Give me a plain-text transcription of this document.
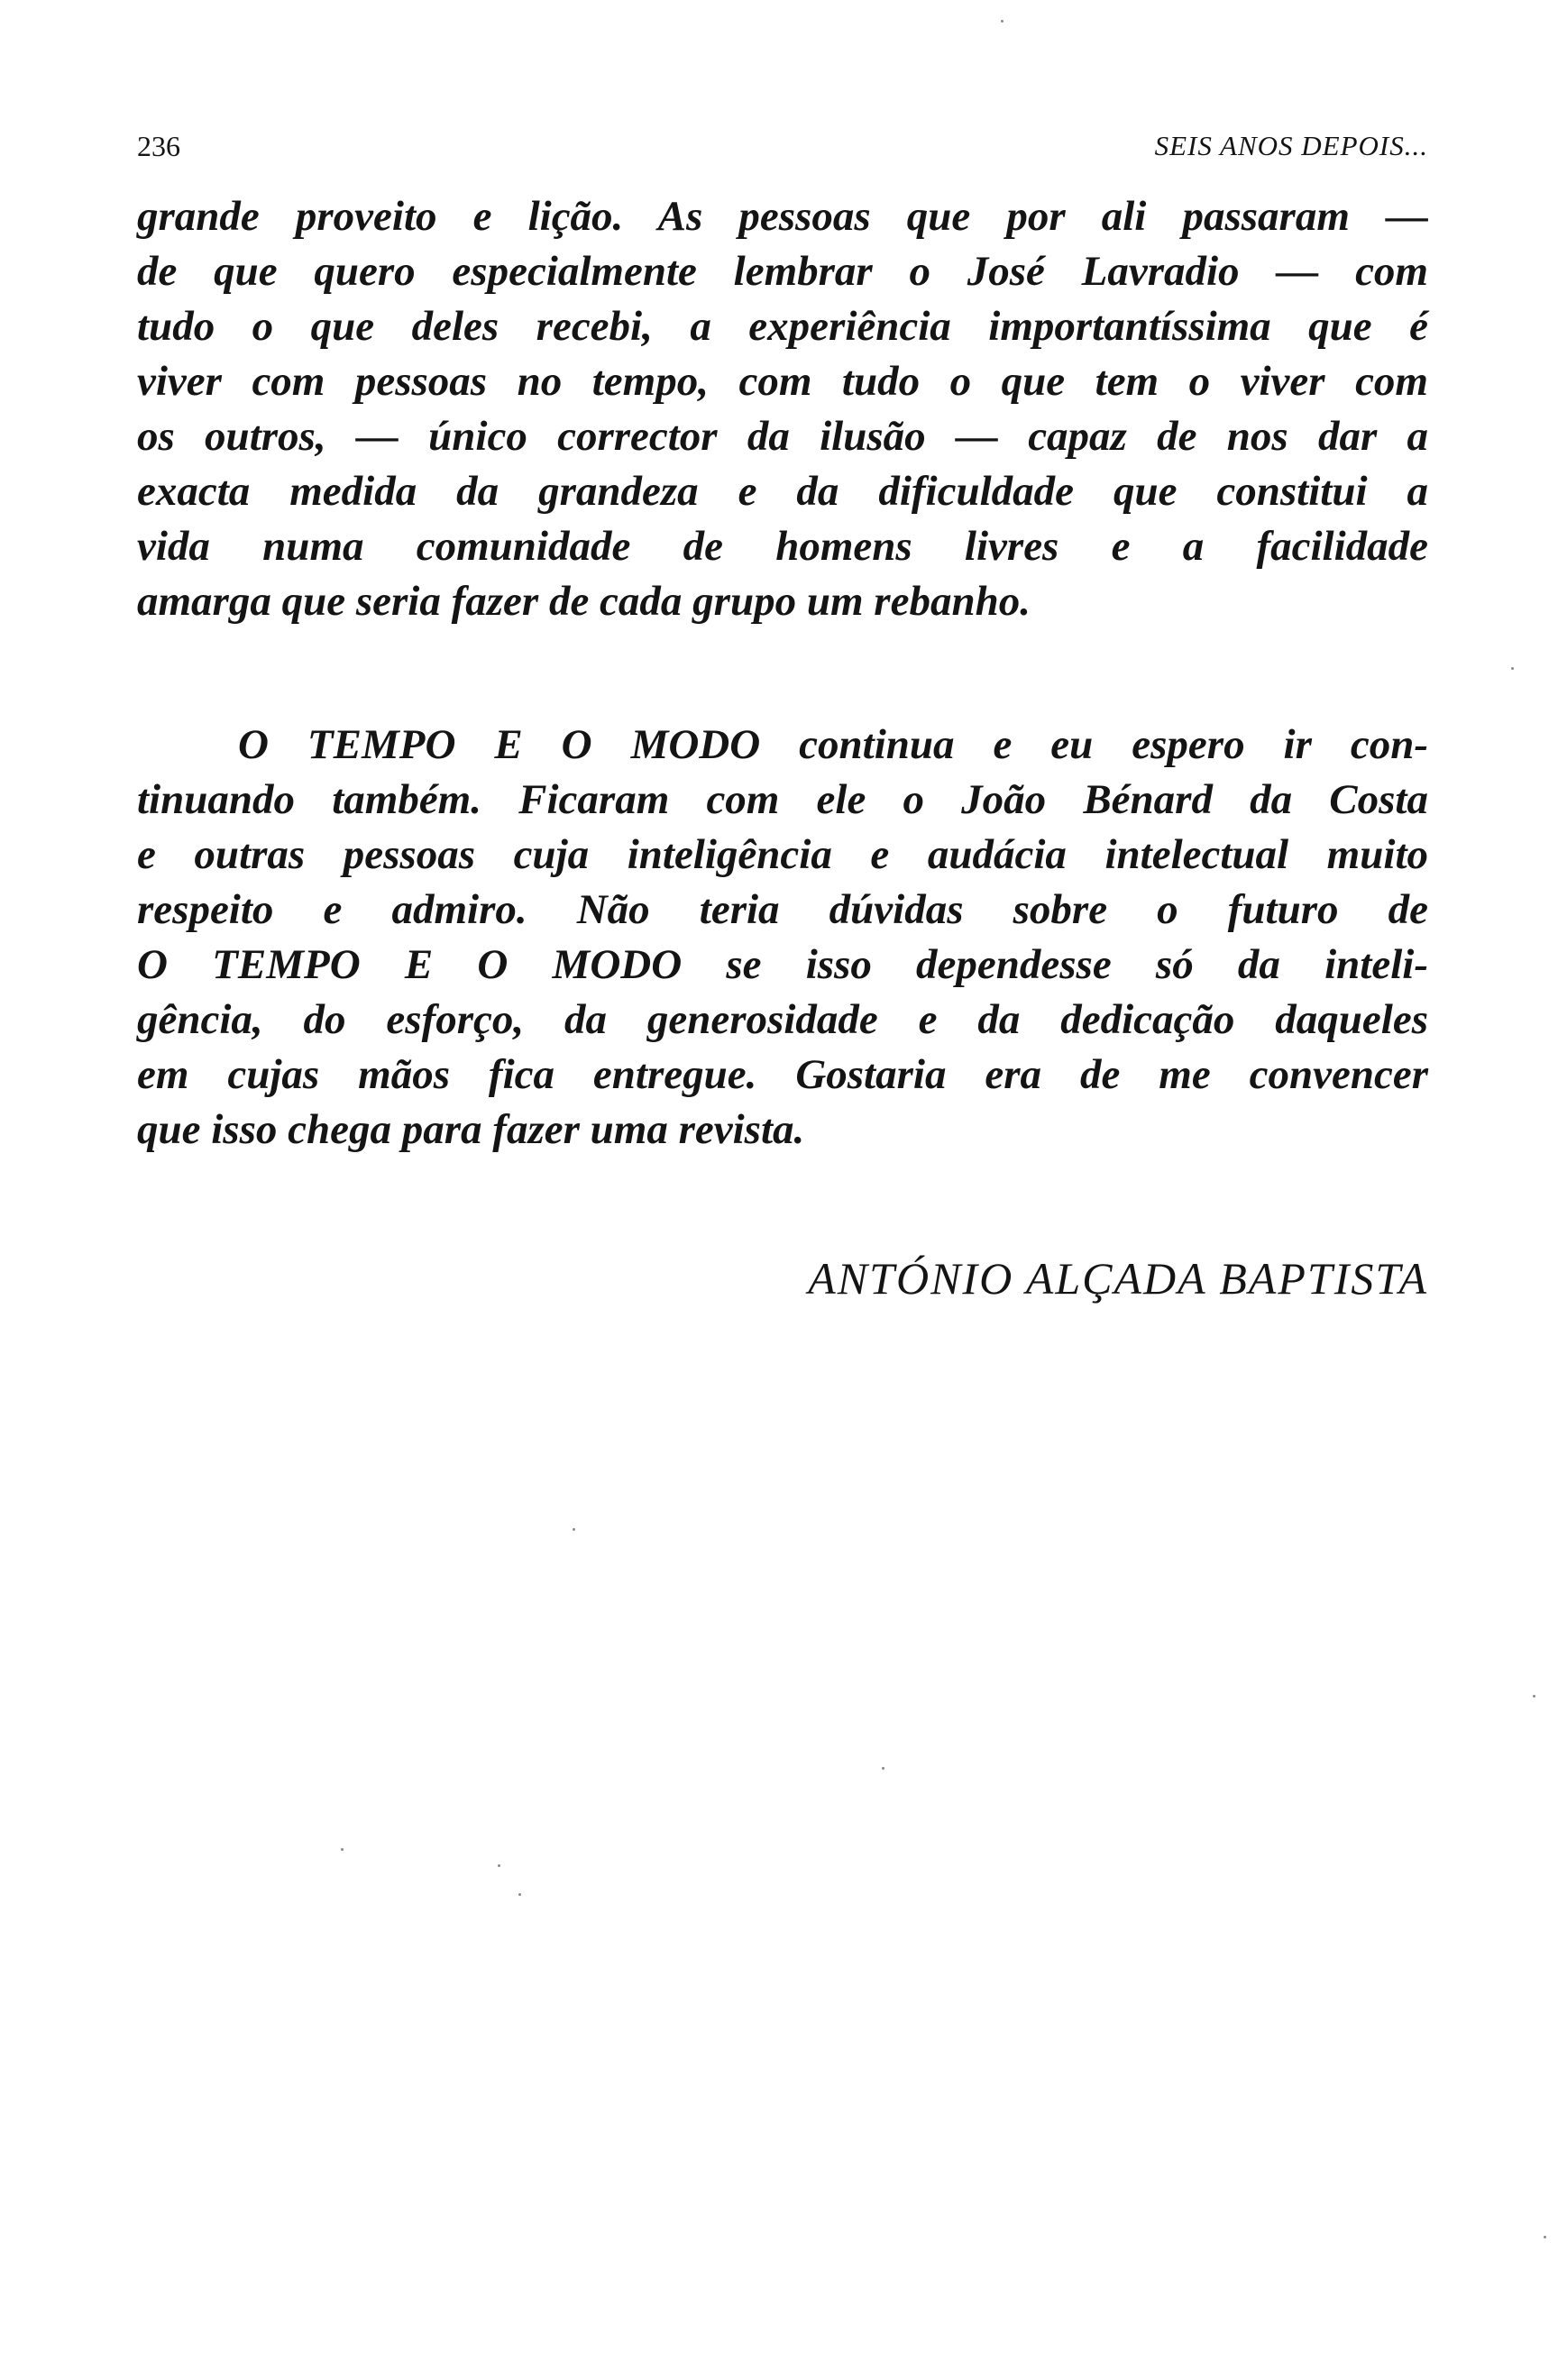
236	SEIS ANOS DEPOIS...
grande proveito e lição. As pessoas que por ali passaram —
de que quero especialmente lembrar o José Lavradio — com
tudo o que deles recebi, a experiência importantíssima que é
viver com pessoas no tempo, com tudo o que tem o viver com
os outros, — único corrector da ilusão — capaz de nos dar a
exacta medida da grandeza e da dificuldade que constitui a
vida numa comunidade de homens livres e a facilidade
amarga que seria fazer de cada grupo um rebanho.
O TEMPO E O MODO continua e eu espero ir con-
tinuando também. Ficaram com ele o João Bénard da Costa
e outras pessoas cuja inteligência e audácia intelectual muito
respeito e admiro. Não teria dúvidas sobre o futuro de
O TEMPO E O MODO se isso dependesse só da inteli-
gência, do esforço, da generosidade e da dedicação daqueles
em cujas mãos fica entregue. Gostaria era de me convencer
que isso chega para fazer uma revista.
ANTÓNIO ALÇADA BAPTISTA
